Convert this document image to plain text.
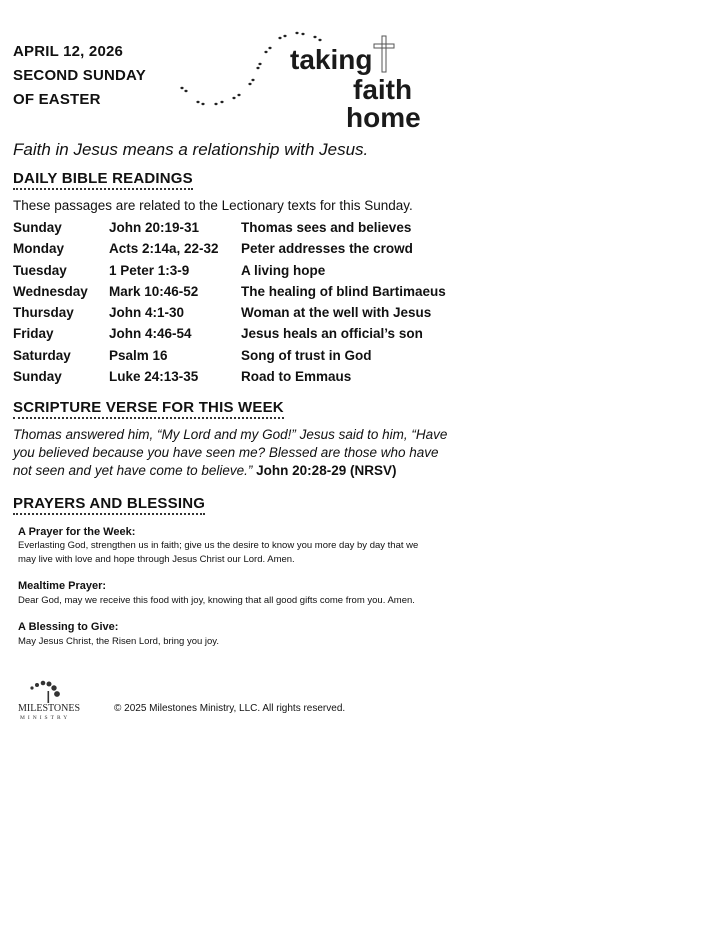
APRIL 12, 2026
SECOND SUNDAY
OF EASTER
taking
faith
home
Faith in Jesus means a relationship with Jesus.
DAILY BIBLE READINGS
These passages are related to the Lectionary texts for this Sunday.
Sunday	John 20:19-31	Thomas sees and believes
Monday	Acts 2:14a, 22-32 Peter addresses the crowd
Tuesday	1 Peter 1:3-9	A living hope
Wednesday Mark 10:46-52	The healing of blind Bartimaeus
Thursday	John 4:1-30	Woman at the well with Jesus
Friday	John 4:46-54	Jesus heals an official’s son
Saturday	Psalm 16	Song of trust in God
Sunday	Luke 24:13-35	Road to Emmaus
SCRIPTURE VERSE FOR THIS WEEK
Thomas answered him, “My Lord and my God!” Jesus said to him, “Have you believed because you have seen me? Blessed are those who have not seen and yet have come to believe.” John 20:28-29 (NRSV)
PRAYERS AND BLESSING
A Prayer for the Week:
Everlasting God, strengthen us in faith; give us the desire to know you more day by day that we
may live with love and hope through Jesus Christ our Lord. Amen.
Mealtime Prayer:
Dear God, may we receive this food with joy, knowing that all good gifts come from you. Amen.
A Blessing to Give:
May Jesus Christ, the Risen Lord, bring you joy.
MILESTONES
MINISTRY
© 2025 Milestones Ministry, LLC. All rights reserved.
